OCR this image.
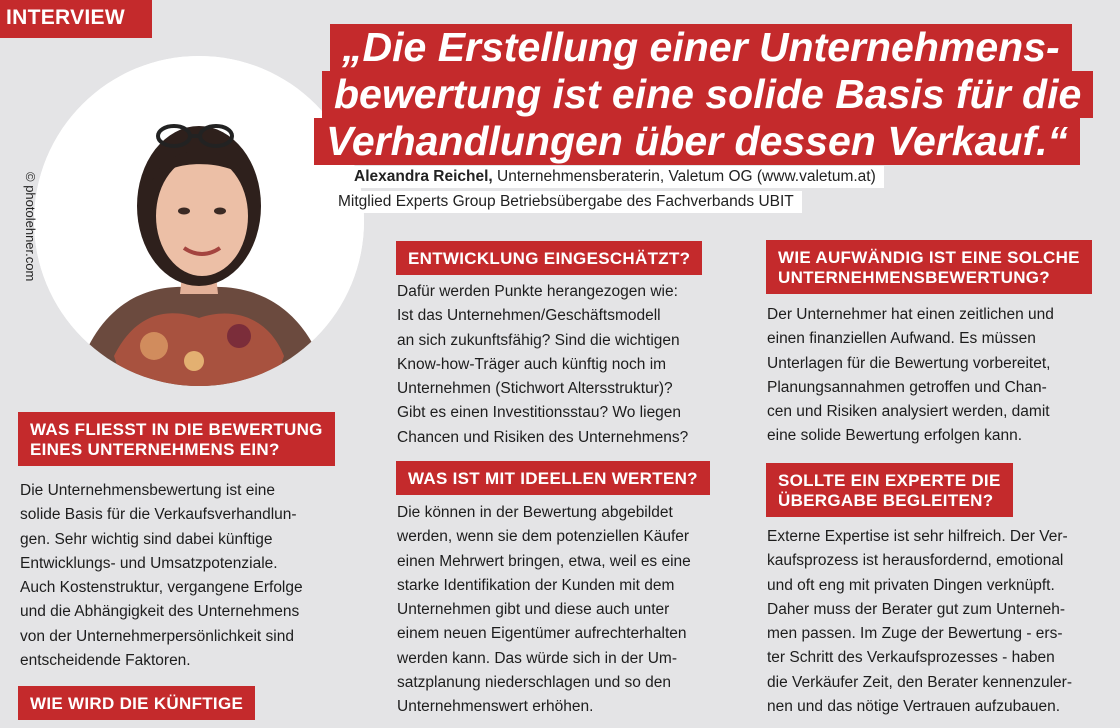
INTERVIEW
© photolehner.com
„Die Erstellung einer Unternehmens-
bewertung ist eine solide Basis für die
Verhandlungen über dessen Verkauf.“
Alexandra Reichel, Unternehmensberaterin, Valetum OG (www.valetum.at)
Mitglied Experts Group Betriebsübergabe des Fachverbands UBIT
WAS FLIESST IN DIE BEWERTUNG
EINES UNTERNEHMENS EIN?
Die Unternehmensbewertung ist eine
solide Basis für die Verkaufsverhandlun-
gen. Sehr wichtig sind dabei künftige
Entwicklungs- und Umsatzpotenziale.
Auch Kostenstruktur, vergangene Erfolge
und die Abhängigkeit des Unternehmens
von der Unternehmerpersönlichkeit sind
entscheidende Faktoren.
WIE WIRD DIE KÜNFTIGE
ENTWICKLUNG EINGESCHÄTZT?
Dafür werden Punkte herangezogen wie:
Ist das Unternehmen/Geschäftsmodell
an sich zukunftsfähig? Sind die wichtigen
Know-how-Träger auch künftig noch im
Unternehmen (Stichwort Altersstruktur)?
Gibt es einen Investitionsstau? Wo liegen
Chancen und Risiken des Unternehmens?
WAS IST MIT IDEELLEN WERTEN?
Die können in der Bewertung abgebildet
werden, wenn sie dem potenziellen Käufer
einen Mehrwert bringen, etwa, weil es eine
starke Identifikation der Kunden mit dem
Unternehmen gibt und diese auch unter
einem neuen Eigentümer aufrechterhalten
werden kann. Das würde sich in der Um-
satzplanung niederschlagen und so den
Unternehmenswert erhöhen.
WIE AUFWÄNDIG IST EINE SOLCHE
UNTERNEHMENSBEWERTUNG?
Der Unternehmer hat einen zeitlichen und
einen finanziellen Aufwand. Es müssen
Unterlagen für die Bewertung vorbereitet,
Planungsannahmen getroffen und Chan-
cen und Risiken analysiert werden, damit
eine solide Bewertung erfolgen kann.
SOLLTE EIN EXPERTE DIE
ÜBERGABE BEGLEITEN?
Externe Expertise ist sehr hilfreich. Der Ver-
kaufsprozess ist herausfordernd, emotional
und oft eng mit privaten Dingen verknüpft.
Daher muss der Berater gut zum Unterneh-
men passen. Im Zuge der Bewertung - ers-
ter Schritt des Verkaufsprozesses - haben
die Verkäufer Zeit, den Berater kennenzuler-
nen und das nötige Vertrauen aufzubauen.
